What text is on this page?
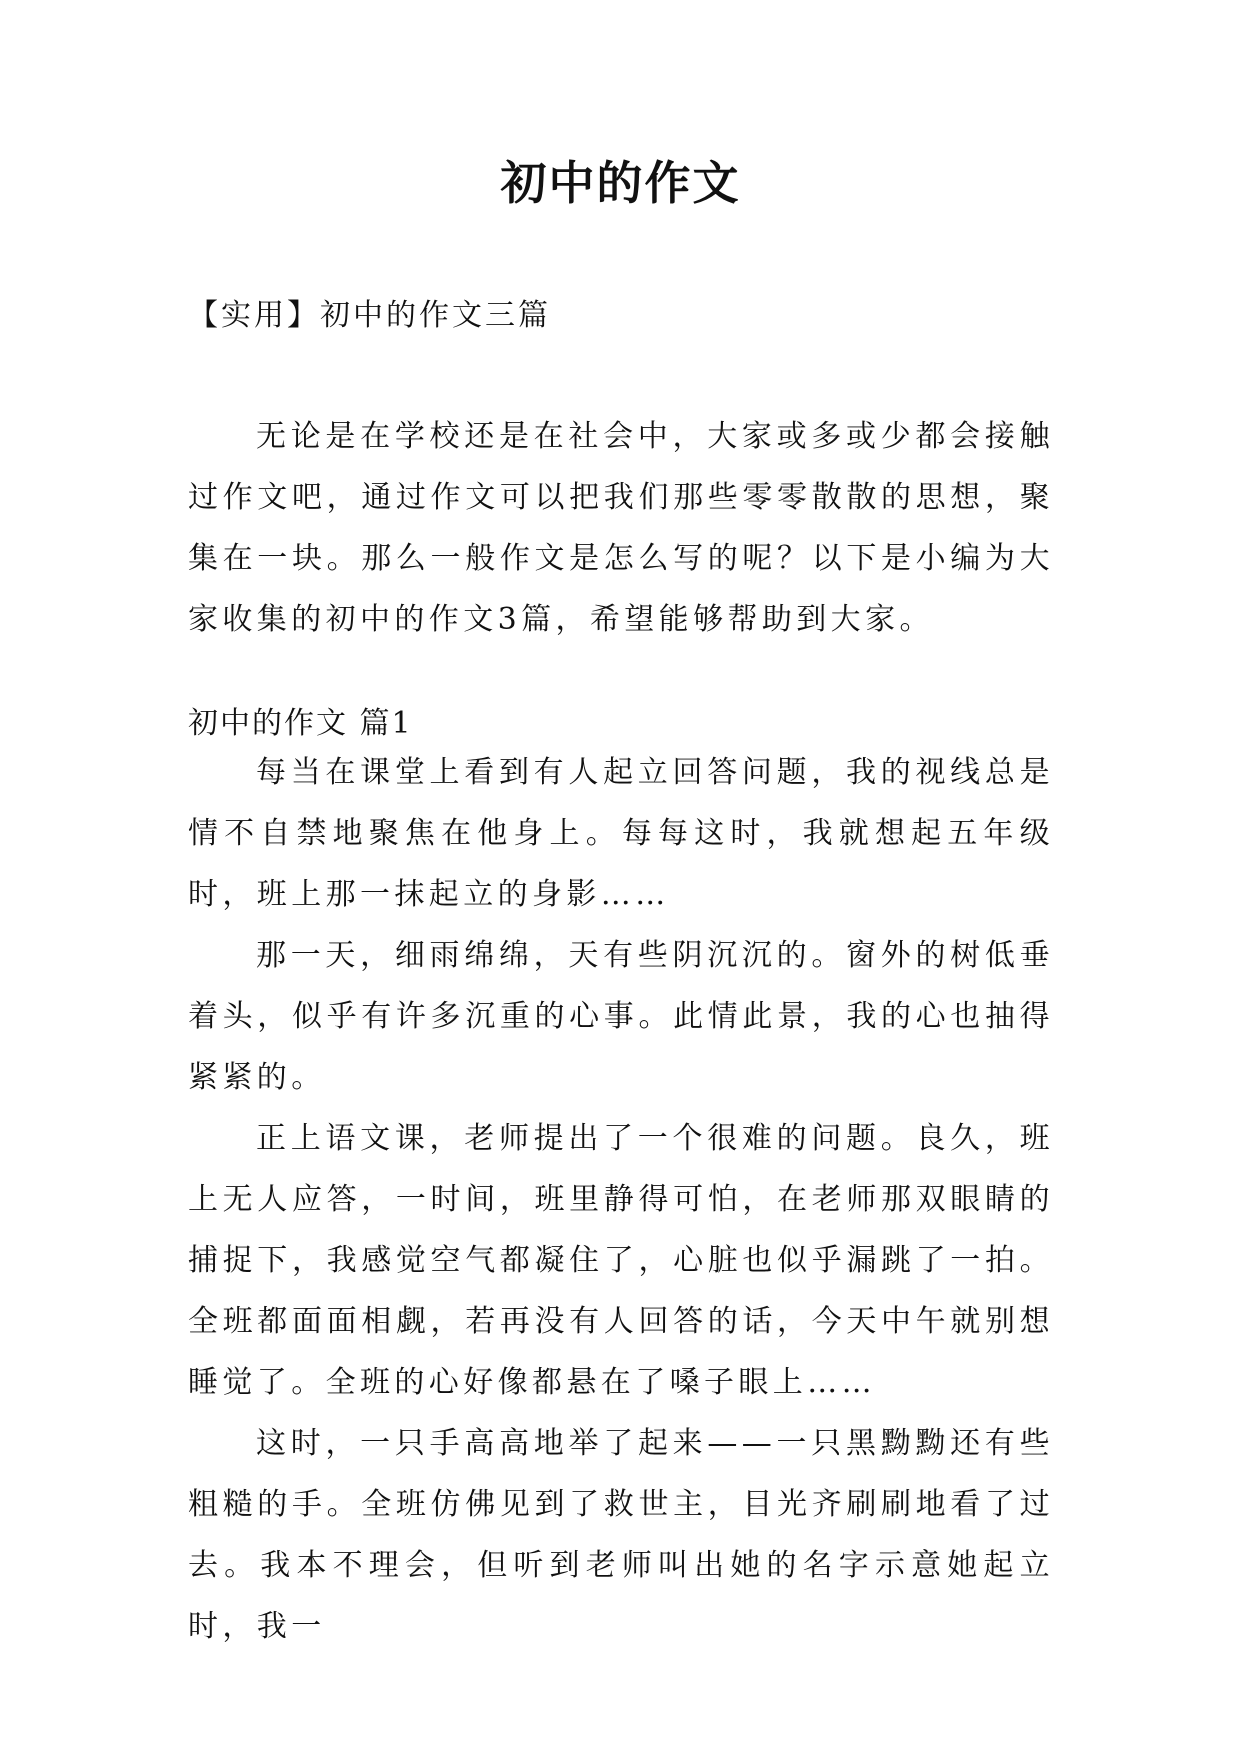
初中的作文

【实用】初中的作文三篇

无论是在学校还是在社会中，大家或多或少都会接触过作文吧，通过作文可以把我们那些零零散散的思想，聚集在一块。那么一般作文是怎么写的呢？以下是小编为大家收集的初中的作文3篇，希望能够帮助到大家。

初中的作文 篇1

每当在课堂上看到有人起立回答问题，我的视线总是情不自禁地聚焦在他身上。每每这时，我就想起五年级时，班上那一抹起立的身影……

那一天，细雨绵绵，天有些阴沉沉的。窗外的树低垂着头，似乎有许多沉重的心事。此情此景，我的心也抽得紧紧的。

正上语文课，老师提出了一个很难的问题。良久，班上无人应答，一时间，班里静得可怕，在老师那双眼睛的捕捉下，我感觉空气都凝住了，心脏也似乎漏跳了一拍。全班都面面相觑，若再没有人回答的话，今天中午就别想睡觉了。全班的心好像都悬在了嗓子眼上……

这时，一只手高高地举了起来——一只黑黝黝还有些粗糙的手。全班仿佛见到了救世主，目光齐刷刷地看了过去。我本不理会，但听到老师叫出她的名字示意她起立时，我一
